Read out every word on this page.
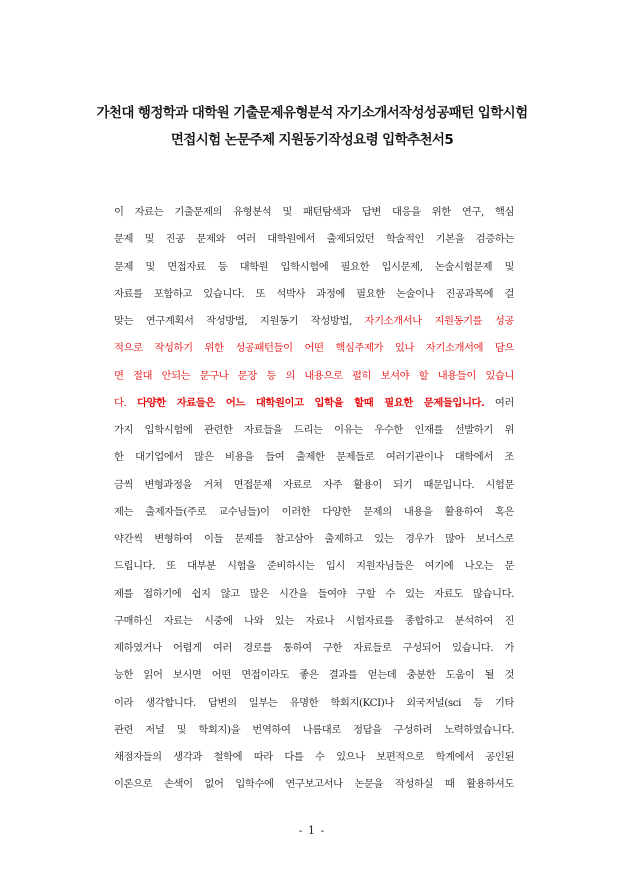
가천대 행정학과 대학원 기출문제유형분석 자기소개서작성성공패턴 입학시험
면접시험 논문주제 지원동기작성요령 입학추천서5
이 자료는 기출문제의 유형분석 및 패턴탐색과 답변 대응을 위한 연구, 핵심
문제 및 진공 문제와 여러 대학원에서 출제되었던 학술적인 기본을 검증하는
문제 및 면접자료 등 대학원 입학시험에 필요한 입시문제, 논술시험문제 및
자료를 포함하고 있습니다. 또 석박사 과정에 필요한 논술이나 진공과목에 걸
맞는 연구계획서 작성방법, 지원동기 작성방법, 자기소개서나 지원동기를 성공
적으로 작성하기 위한 성공패턴들이 어떤 핵심주제가 있나 자기소개서에 담으
면 절대 안되는 문구나 문장 등 의 내용으로 펼히 보셔야 할 내용들이 있습니
다. 다양한 자료들은 어느 대학원이고 입학을 할때 필요한 문제들입니다. 여러
가지 입학시험에 관련한 자료들을 드리는 이유는 우수한 인재를 선발하기 위
한 대기업에서 많은 비용을 들여 출제한 문제들로 여러기관이나 대학에서 조
금씩 변형과정을 거쳐 면접문제 자료로 자주 활용이 되기 때문입니다. 시험문
제는 출제자들(주로 교수님들)이 이러한 다양한 문제의 내용을 활용하여 혹은
약간씩 변형하여 이들 문제를 참고삼아 출제하고 있는 경우가 많아 보너스로
드립니다. 또 대부분 시험을 준비하시는 입시 지원자님들은 여기에 나오는 문
제를 접하기에 쉽지 않고 많은 시간을 들여야 구할 수 있는 자료도 많습니다.
구매하신 자료는 시중에 나와 있는 자료나 시험자료를 종합하고 분석하여 진
제하였거나 어렵게 여러 경로를 통하여 구한 자료들로 구성되어 있습니다. 가
능한 읽어 보시면 어떤 면접이라도 좋은 결과를 얻는데 충분한 도움이 될 것
이라 생각합니다. 답변의 일부는 유명한 학회지(KCI)나 외국저널(sci 등 기타
관련 저널 및 학회지)을 번역하여 나름대로 정답을 구성하려 노력하였습니다.
채점자들의 생각과 철학에 따라 다를 수 있으나 보편적으로 학계에서 공인된
이론으로 손색이 없어 입학수에 연구보고서나 논문을 작성하실 때 활용하셔도
- 1 -
